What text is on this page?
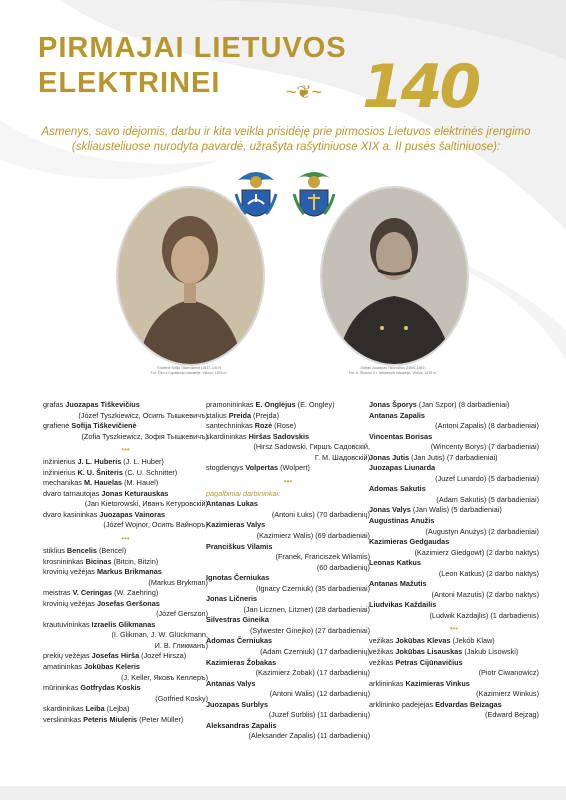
PIRMAJAI LIETUVOS
ELEKTRINEI	~❦~ 140
Asmenys, savo idėjomis, darbu ir kita veikla prisidėję prie pirmosios Lietuvos elektrinės įrengimo (skliausteliuose nurodyta pavardė, užrašyta rašytiniuose XIX a. II pusės šaltiniuose):
Grafienė Sofija Tiškevičienė (1837–1919)
Fot. Čižo ir Lopatinsko fotoatelje. Vilnius, 1876 m.
Grafas Juozapas Tiškevičius (1835–1891)
Fot. A. Štrauso ir I. Abramovič fotoatelje. Vilnius, 1876 m.
grafas Juozapas Tiškevičius
(Józef Tyszkiewicz, Осипъ Тышкевичъ)
grafienė Sofija Tiškevičienė
(Zofia Tyszkiewicz, Зофія Тышкевичъ)
•••
inžinierius J. L. Huberis (J. L. Huber)
inžinierius K. U. Šniteris (C. U. Schnitter)
mechanikas M. Hauelas (M. Hauel)
dvaro tarnautojas Jonas Keturauskas
(Jan Kietorowski, Иванъ Кетуровскій)
dvaro kasininkas Juozapas Vainoras
(Józef Wojnor, Осипъ Вайноръ)
•••
stiklius Bencelis (Bencel)
krosnininkas Bicinas (Bitcin, Bitzin)
krovinių vežėjas Markus Brikmanas
(Markus Brykman)
meistras V. Ceringas (W. Zaehring)
krovinių vežėjas Josefas Geršonas
(Józef Gerszon)
krautuvininkas Izraelis Glikmanas
(I. Glikman, J. W. Glückmann,
И. В. Гликманъ)
prekių vežėjas Josefas Hirša (Jozef Hirsza)
amatininkas Jokūbas Keleris
(J. Keller, Яковъ Келлеръ)
mūrininkas Gotfrydas Koskis
(Gotfried Kosky)
skardininkas Leiba (Lejba)
verslininkas Peteris Miuleris (Peter Müller)
pramonininkas E. Onglėjus (E. Ongley)
stalius Preida (Prejda)
santechninkas Rozė (Rose)
skardininkas Hiršas Sadovskis
(Hirsz Sadowski, Гиршъ Садовскій,
Г. М. Шадовскій)
stogdengys Volpertas (Wolpert)
•••
pagalbiniai darbininkai:
Antanas Lukas
(Antoni Łuks) (70 darbadienių)
Kazimieras Valys
(Kazimierz Walis) (69 darbadieniai)
Pranciškus Vilamis
(Franek, Franciszek Wilamis)
(60 darbadienių)
Ignotas Černiukas
(Ignacy Czerniuk) (35 darbadieniai)
Jonas Ličneris
(Jan Licznen, Litzner) (28 darbadieniai)
Silvestras Gineika
(Sylwester Ginejko) (27 darbadieniai)
Adomas Černiukas
(Adam Czerniuk) (17 darbadienių)
Kazimieras Žobakas
(Kazimierz Żobak) (17 darbadienių)
Antanas Valys
(Antoni Walis) (12 darbadienių)
Juozapas Surblys
(Juzef Surblis) (11 darbadienių)
Aleksandras Zapalis
(Aleksander Zapalis) (11 darbadienių)
Jonas Šporys (Jan Szpor) (8 darbadieniai)
Antanas Zapalis
(Antoni Zapalis) (8 darbadieniai)
Vincentas Borisas
(Wincenty Borys) (7 darbadieniai)
Jonas Jutis (Jan Jutis) (7 darbadieniai)
Juozapas Liunarda
(Juzef Lunardo) (5 darbadieniai)
Adomas Sakutis
(Adam Sakutis) (5 darbadieniai)
Jonas Valys (Jan Walis) (5 darbadieniai)
Augustinas Anužis
(Augustyn Anużys) (2 darbadieniai)
Kazimieras Gedgaudas
(Kazimierz Giedgowt) (2 darbo naktys)
Leonas Katkus
(Leon Katkus) (2 darbo naktys)
Antanas Mažutis
(Antoni Mazutis) (2 darbo naktys)
Liudvikas Každailis
(Ludwik Każdajlis) (1 darbadienis)
•••
vežikas Jokūbas Klevas (Jekób Klaw)
vežikas Jokūbas Lisauskas (Jakub Lisowski)
vežikas Petras Cijūnavičius
(Piotr Ciwanowicz)
arklininkas Kazimieras Vinkus
(Kazimierz Winkus)
arklininko padėjėjas Edvardas Beizagas
(Edward Bejzag)
